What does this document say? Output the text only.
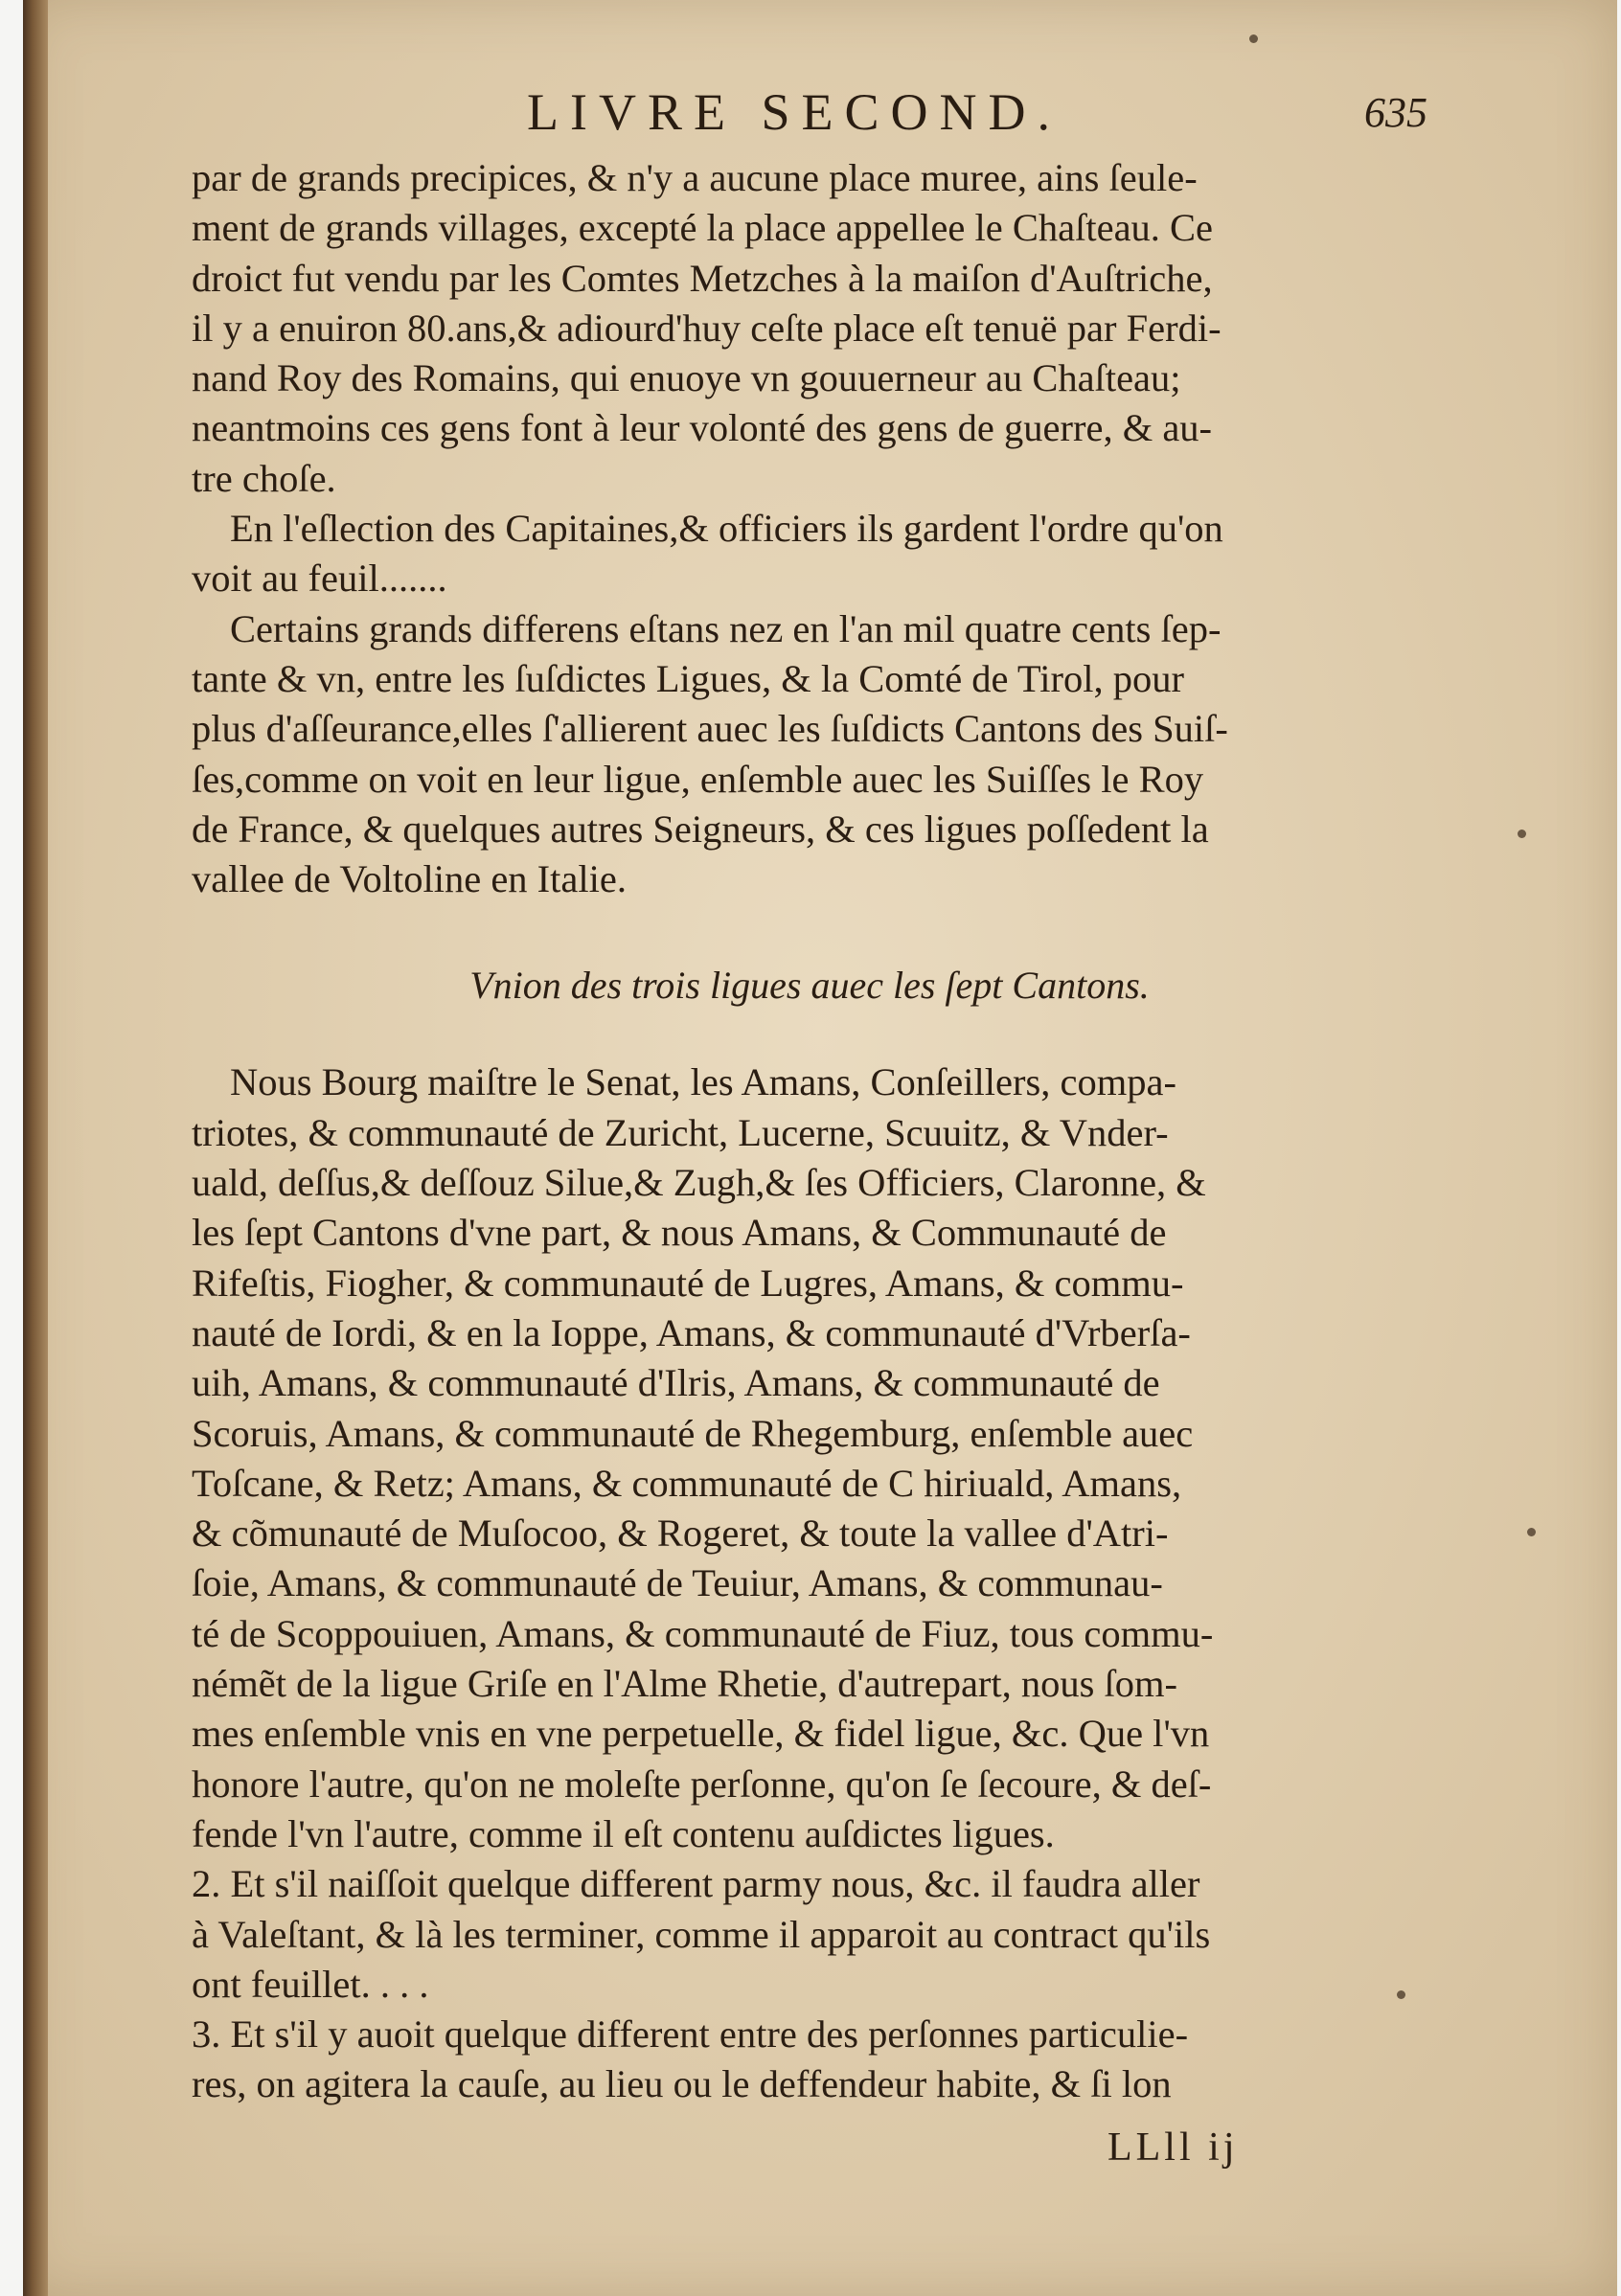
LIVRE SECOND.	635
par de grands precipices, & n'y a aucune place muree, ains ſeule-
ment de grands villages, excepté la place appellee le Chaſteau. Ce
droict fut vendu par les Comtes Metzches à la maiſon d'Auſtriche,
il y a enuiron 80.ans,& adiourd'huy ceſte place eſt tenuë par Ferdi-
nand Roy des Romains, qui enuoye vn gouuerneur au Chaſteau;
neantmoins ces gens font à leur volonté des gens de guerre, & au-
tre choſe.
En l'eſlection des Capitaines,& officiers ils gardent l'ordre qu'on
voit au feuil.......
Certains grands differens eſtans nez en l'an mil quatre cents ſep-
tante & vn, entre les ſuſdictes Ligues, & la Comté de Tirol, pour
plus d'aſſeurance,elles ſ'allierent auec les ſuſdicts Cantons des Suiſ-
ſes,comme on voit en leur ligue, enſemble auec les Suiſſes le Roy
de France, & quelques autres Seigneurs, & ces ligues poſſedent la
vallee de Voltoline en Italie.
Vnion des trois ligues auec les ſept Cantons.
Nous Bourg maiſtre le Senat, les Amans, Conſeillers, compa-
triotes, & communauté de Zuricht, Lucerne, Scuuitz, & Vnder-
uald, deſſus,& deſſouz Silue,& Zugh,& ſes Officiers, Claronne, &
les ſept Cantons d'vne part, & nous Amans, & Communauté de
Rifeſtis, Fiogher, & communauté de Lugres, Amans, & commu-
nauté de Iordi, & en la Ioppe, Amans, & communauté d'Vrberſa-
uih, Amans, & communauté d'Ilris, Amans, & communauté de
Scoruis, Amans, & communauté de Rhegemburg, enſemble auec
Toſcane, & Retz; Amans, & communauté de C hiriuald, Amans,
& cõmunauté de Muſocoo, & Rogeret, & toute la vallee d'Atri-
ſoie, Amans, & communauté de Teuiur, Amans, & communau-
té de Scoppouiuen, Amans, & communauté de Fiuz, tous commu-
némẽt de la ligue Griſe en l'Alme Rhetie, d'autrepart, nous ſom-
mes enſemble vnis en vne perpetuelle, & fidel ligue, &c. Que l'vn
honore l'autre, qu'on ne moleſte perſonne, qu'on ſe ſecoure, & deſ-
fende l'vn l'autre, comme il eſt contenu auſdictes ligues.
2. Et s'il naiſſoit quelque different parmy nous, &c. il faudra aller
à Valeſtant, & là les terminer, comme il apparoit au contract qu'ils
ont feuillet. . . .
3. Et s'il y auoit quelque different entre des perſonnes particulie-
res, on agitera la cauſe, au lieu ou le deffendeur habite, & ſi lon
LLll ij
